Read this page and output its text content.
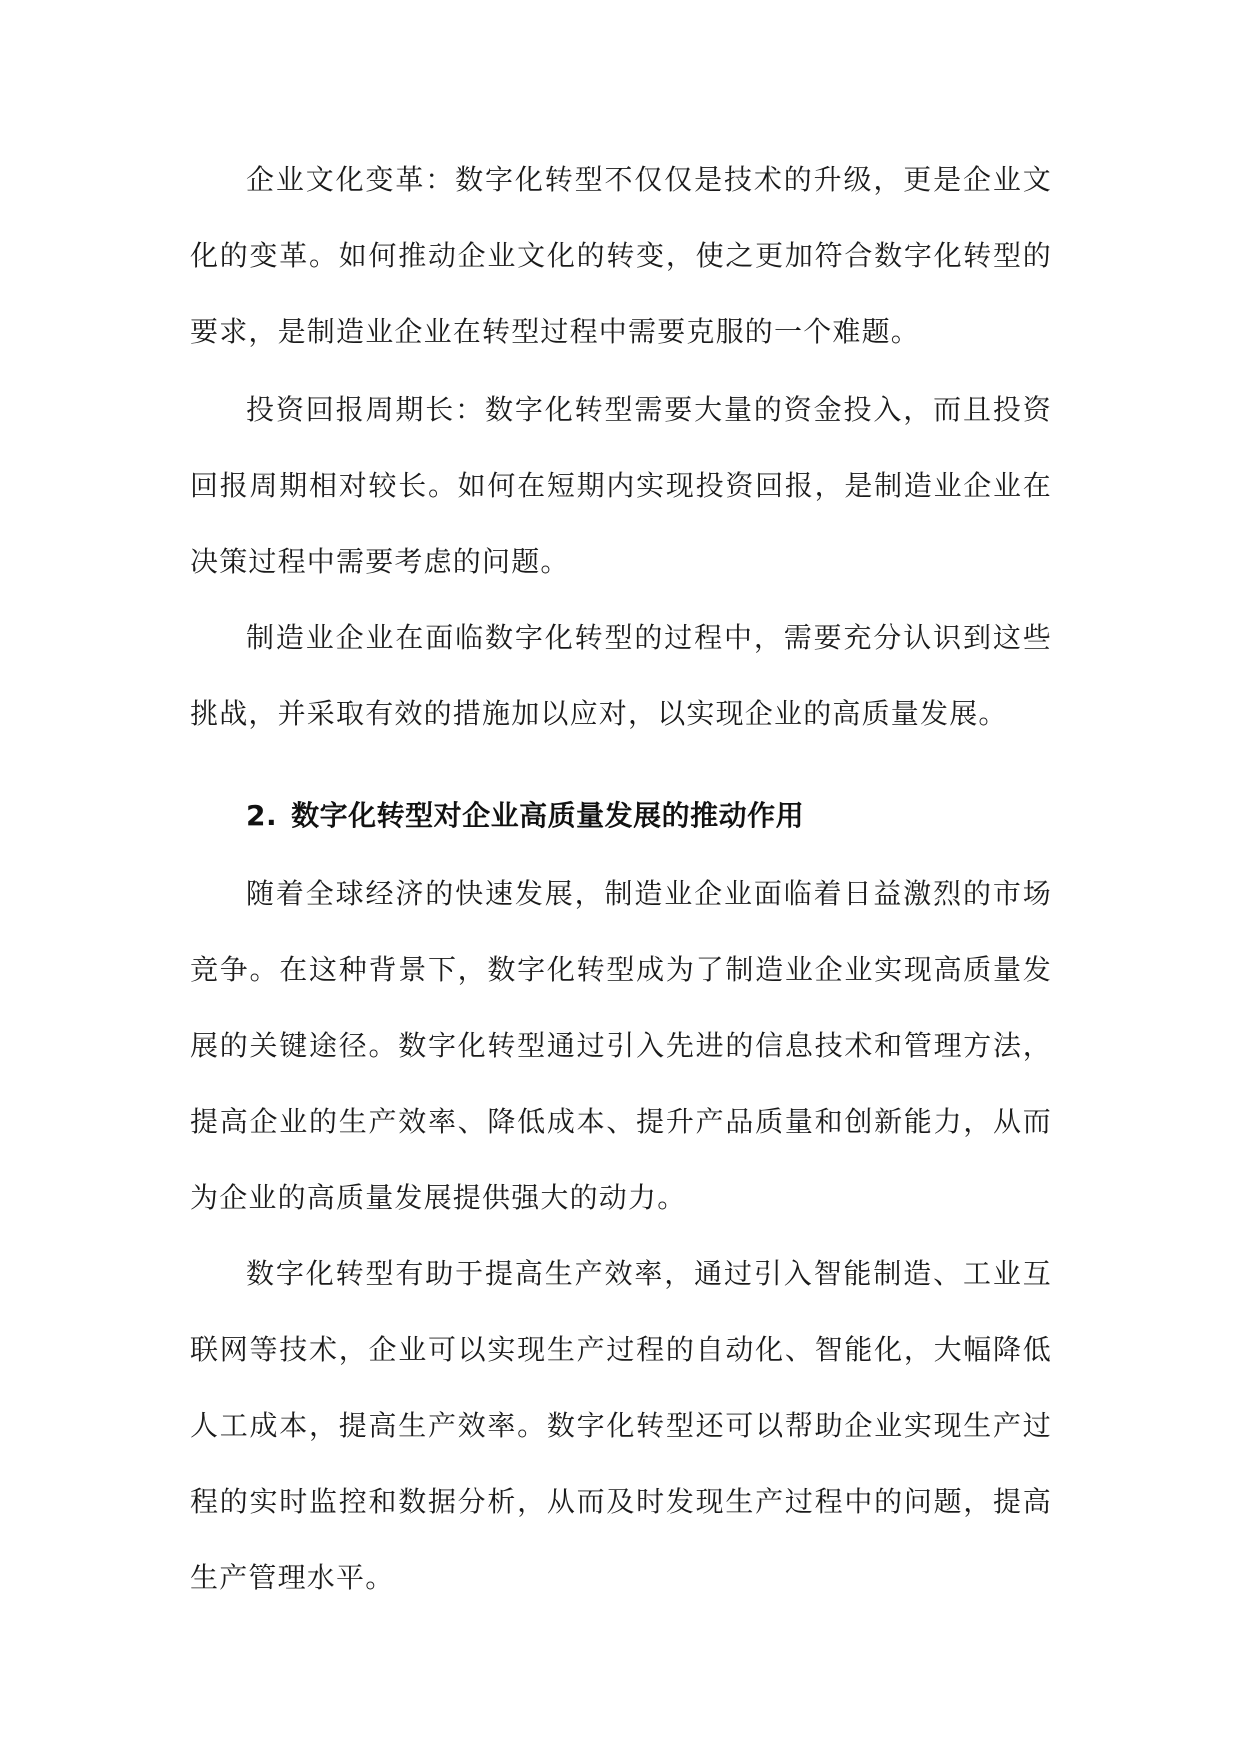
企业文化变革：数字化转型不仅仅是技术的升级，更是企业文化的变革。如何推动企业文化的转变，使之更加符合数字化转型的要求，是制造业企业在转型过程中需要克服的一个难题。

投资回报周期长：数字化转型需要大量的资金投入，而且投资回报周期相对较长。如何在短期内实现投资回报，是制造业企业在决策过程中需要考虑的问题。

制造业企业在面临数字化转型的过程中，需要充分认识到这些挑战，并采取有效的措施加以应对，以实现企业的高质量发展。

2. 数字化转型对企业高质量发展的推动作用

随着全球经济的快速发展，制造业企业面临着日益激烈的市场竞争。在这种背景下，数字化转型成为了制造业企业实现高质量发展的关键途径。数字化转型通过引入先进的信息技术和管理方法，提高企业的生产效率、降低成本、提升产品质量和创新能力，从而为企业的高质量发展提供强大的动力。

数字化转型有助于提高生产效率，通过引入智能制造、工业互联网等技术，企业可以实现生产过程的自动化、智能化，大幅降低人工成本，提高生产效率。数字化转型还可以帮助企业实现生产过程的实时监控和数据分析，从而及时发现生产过程中的问题，提高生产管理水平。
